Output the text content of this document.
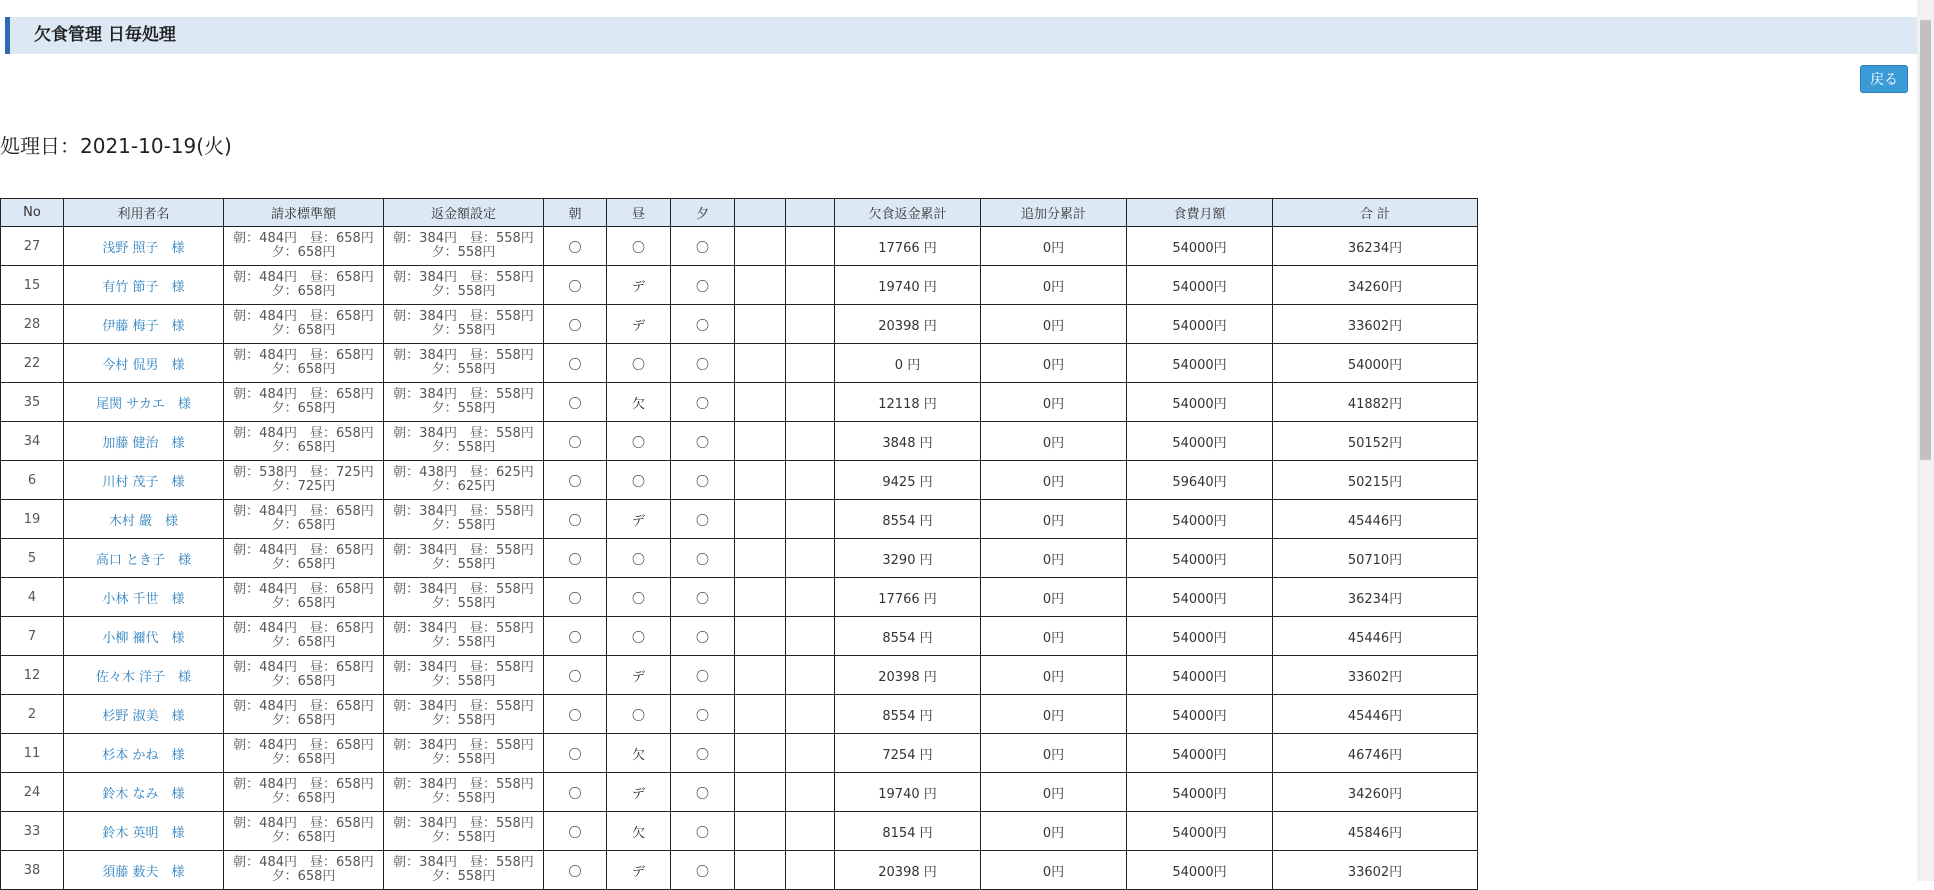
欠食管理 日毎処理
戻る
処理日：2021-10-19(火)
No	利用者名	請求標準額	返金額設定	朝	昼	夕			欠食返金累計	追加分累計	食費月額	合 計
27	浅野 照子　様	朝：484円　昼：658円　夕：658円	朝：384円　昼：558円　夕：558円	〇	〇	〇			17766 円	0円	54000円	36234円
15	有竹 節子　様	朝：484円　昼：658円　夕：658円	朝：384円　昼：558円　夕：558円	〇	デ	〇			19740 円	0円	54000円	34260円
28	伊藤 梅子　様	朝：484円　昼：658円　夕：658円	朝：384円　昼：558円　夕：558円	〇	デ	〇			20398 円	0円	54000円	33602円
22	今村 侃男　様	朝：484円　昼：658円　夕：658円	朝：384円　昼：558円　夕：558円	〇	〇	〇			0 円	0円	54000円	54000円
35	尾関 サカエ　様	朝：484円　昼：658円　夕：658円	朝：384円　昼：558円　夕：558円	〇	欠	〇			12118 円	0円	54000円	41882円
34	加藤 健治　様	朝：484円　昼：658円　夕：658円	朝：384円　昼：558円　夕：558円	〇	〇	〇			3848 円	0円	54000円	50152円
6	川村 茂子　様	朝：538円　昼：725円　夕：725円	朝：438円　昼：625円　夕：625円	〇	〇	〇			9425 円	0円	59640円	50215円
19	木村 嚴　様	朝：484円　昼：658円　夕：658円	朝：384円　昼：558円　夕：558円	〇	デ	〇			8554 円	0円	54000円	45446円
5	高口 とき子　様	朝：484円　昼：658円　夕：658円	朝：384円　昼：558円　夕：558円	〇	〇	〇			3290 円	0円	54000円	50710円
4	小林 千世　様	朝：484円　昼：658円　夕：658円	朝：384円　昼：558円　夕：558円	〇	〇	〇			17766 円	0円	54000円	36234円
7	小柳 禰代　様	朝：484円　昼：658円　夕：658円	朝：384円　昼：558円　夕：558円	〇	〇	〇			8554 円	0円	54000円	45446円
12	佐々木 洋子　様	朝：484円　昼：658円　夕：658円	朝：384円　昼：558円　夕：558円	〇	デ	〇			20398 円	0円	54000円	33602円
2	杉野 淑美　様	朝：484円　昼：658円　夕：658円	朝：384円　昼：558円　夕：558円	〇	〇	〇			8554 円	0円	54000円	45446円
11	杉本 かね　様	朝：484円　昼：658円　夕：658円	朝：384円　昼：558円　夕：558円	〇	欠	〇			7254 円	0円	54000円	46746円
24	鈴木 なみ　様	朝：484円　昼：658円　夕：658円	朝：384円　昼：558円　夕：558円	〇	デ	〇			19740 円	0円	54000円	34260円
33	鈴木 英明　様	朝：484円　昼：658円　夕：658円	朝：384円　昼：558円　夕：558円	〇	欠	〇			8154 円	0円	54000円	45846円
38	須藤 薮夫　様	朝：484円　昼：658円　夕：658円	朝：384円　昼：558円　夕：558円	〇	デ	〇			20398 円	0円	54000円	33602円
